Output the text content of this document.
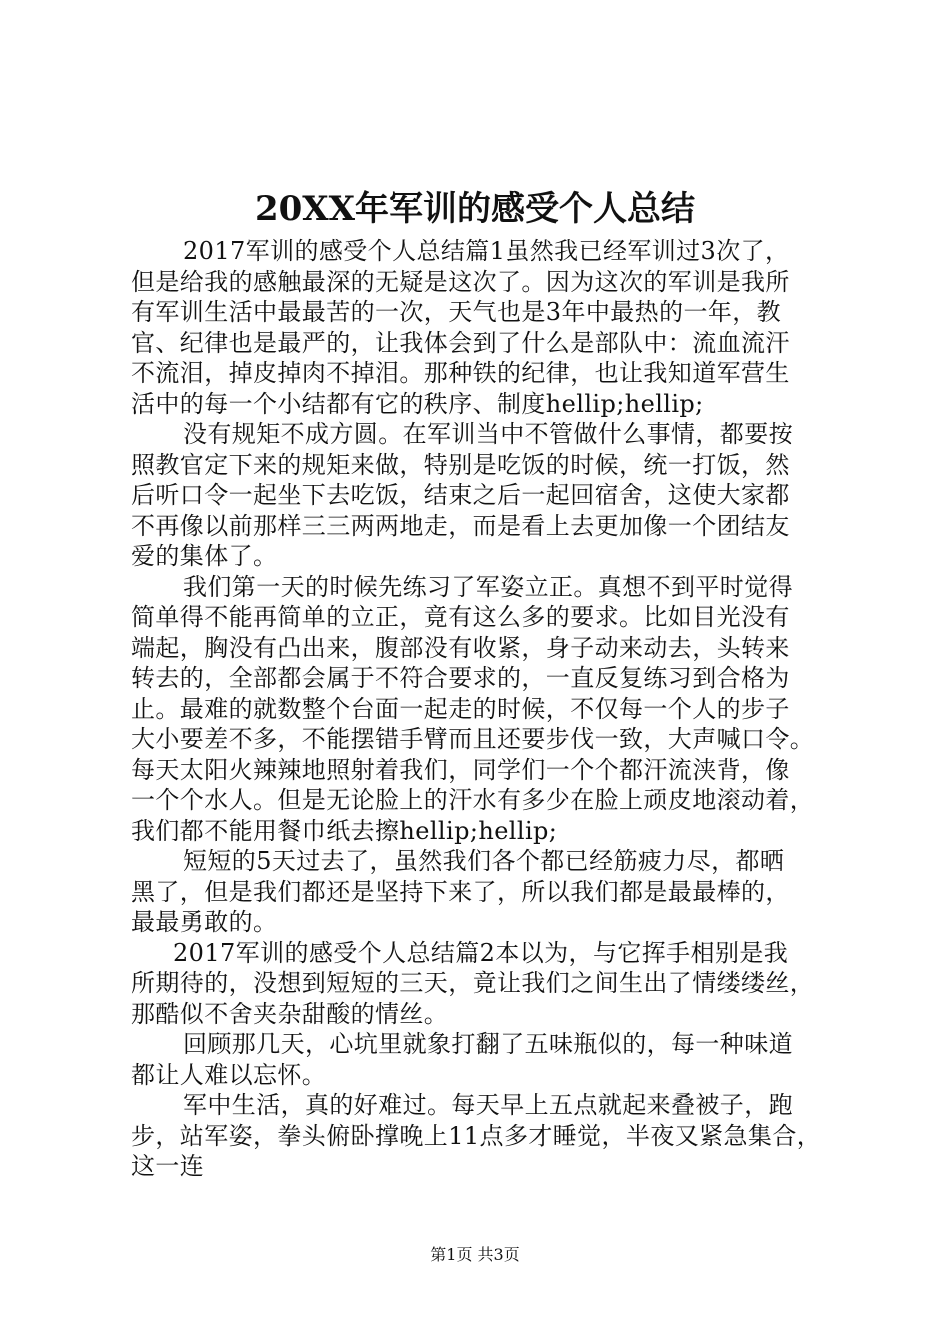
20XX年军训的感受个人总结
2017军训的感受个人总结篇1虽然我已经军训过3次了，
但是给我的感触最深的无疑是这次了。因为这次的军训是我所
有军训生活中最最苦的一次，天气也是3年中最热的一年，教
官、纪律也是最严的，让我体会到了什么是部队中：流血流汗
不流泪，掉皮掉肉不掉泪。那种铁的纪律，也让我知道军营生
活中的每一个小结都有它的秩序、制度hellip;hellip;
没有规矩不成方圆。在军训当中不管做什么事情，都要按
照教官定下来的规矩来做，特别是吃饭的时候，统一打饭，然
后听口令一起坐下去吃饭，结束之后一起回宿舍，这使大家都
不再像以前那样三三两两地走，而是看上去更加像一个团结友
爱的集体了。
我们第一天的时候先练习了军姿立正。真想不到平时觉得
简单得不能再简单的立正，竟有这么多的要求。比如目光没有
端起，胸没有凸出来，腹部没有收紧，身子动来动去，头转来
转去的，全部都会属于不符合要求的，一直反复练习到合格为
止。最难的就数整个台面一起走的时候，不仅每一个人的步子
大小要差不多，不能摆错手臂而且还要步伐一致，大声喊口令。
每天太阳火辣辣地照射着我们，同学们一个个都汗流浃背，像
一个个水人。但是无论脸上的汗水有多少在脸上顽皮地滚动着，
我们都不能用餐巾纸去擦hellip;hellip;
短短的5天过去了，虽然我们各个都已经筋疲力尽，都晒
黑了，但是我们都还是坚持下来了，所以我们都是最最棒的，
最最勇敢的。
2017军训的感受个人总结篇2本以为，与它挥手相别是我
所期待的，没想到短短的三天，竟让我们之间生出了情缕缕丝，
那酷似不舍夹杂甜酸的情丝。
回顾那几天，心坑里就象打翻了五味瓶似的，每一种味道
都让人难以忘怀。
军中生活，真的好难过。每天早上五点就起来叠被子，跑
步，站军姿，拳头俯卧撑晚上11点多才睡觉，半夜又紧急集合，
这一连
第1页 共3页
